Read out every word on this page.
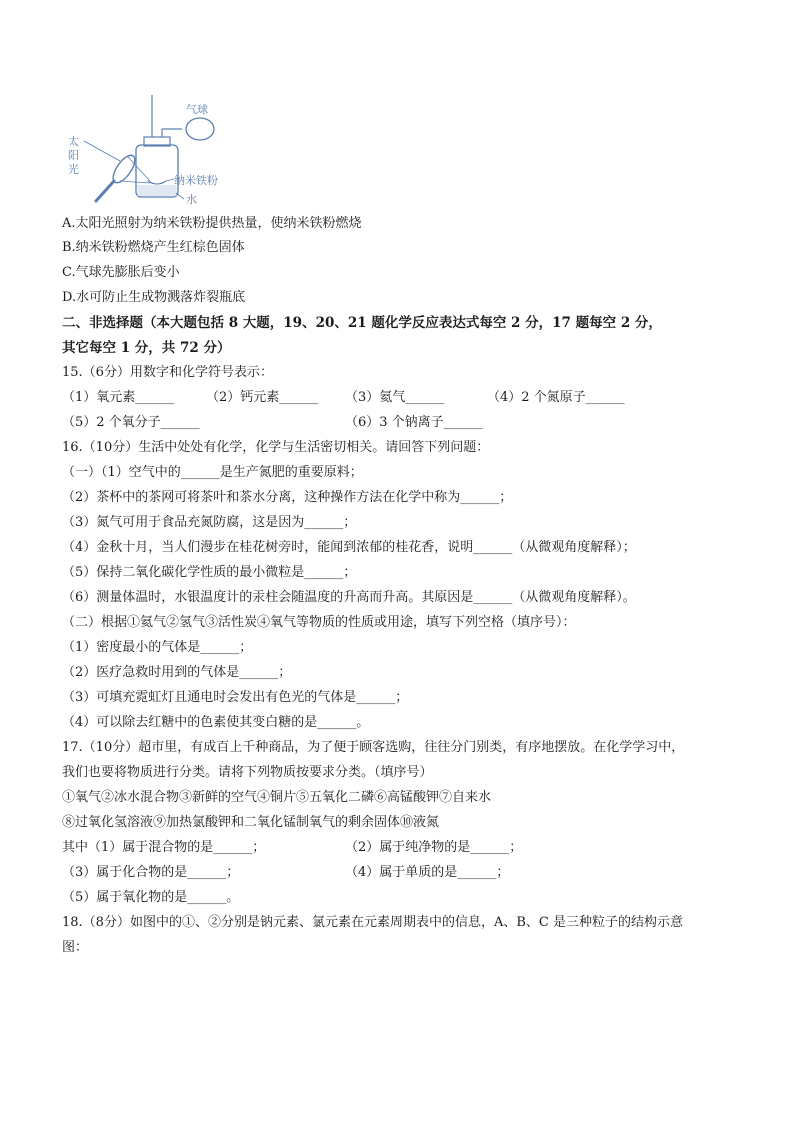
太
阳
光
气球
纳米铁粉
水
A.太阳光照射为纳米铁粉提供热量，使纳米铁粉燃烧
B.纳米铁粉燃烧产生红棕色固体
C.气球先膨胀后变小
D.水可防止生成物溅落炸裂瓶底
二、非选择题（本大题包括 8 大题，19、20、21 题化学反应表达式每空 2 分，17 题每空 2 分，
其它每空 1 分，共 72 分）
15.（6分）用数字和化学符号表示：
（1）氧元素______ （2）钙元素______ （3）氦气______	（4）2 个氮原子______
（5）2 个氧分子______	（6）3 个钠离子______
16.（10分）生活中处处有化学，化学与生活密切相关。请回答下列问题：
（一）（1）空气中的______是生产氮肥的重要原料；
（2）茶杯中的茶网可将茶叶和茶水分离，这种操作方法在化学中称为______；
（3）氮气可用于食品充氮防腐，这是因为______；
（4）金秋十月，当人们漫步在桂花树旁时，能闻到浓郁的桂花香，说明______（从微观角度解释）；
（5）保持二氧化碳化学性质的最小微粒是______；
（6）测量体温时，水银温度计的汞柱会随温度的升高而升高。其原因是______（从微观角度解释）。
（二）根据①氦气②氢气③活性炭④氧气等物质的性质或用途，填写下列空格（填序号）：
（1）密度最小的气体是______；
（2）医疗急救时用到的气体是______；
（3）可填充霓虹灯且通电时会发出有色光的气体是______；
（4）可以除去红糖中的色素使其变白糖的是______。
17.（10分）超市里，有成百上千种商品，为了便于顾客选购，往往分门别类，有序地摆放。在化学学习中，
我们也要将物质进行分类。请将下列物质按要求分类。（填序号）
①氧气②冰水混合物③新鲜的空气④铜片⑤五氧化二磷⑥高锰酸钾⑦自来水
⑧过氧化氢溶液⑨加热氯酸钾和二氧化锰制氧气的剩余固体⑩液氮
其中（1）属于混合物的是______；	（2）属于纯净物的是______；
（3）属于化合物的是______；	（4）属于单质的是______；
（5）属于氧化物的是______。
18.（8分）如图中的①、②分别是钠元素、氯元素在元素周期表中的信息，A、B、C 是三种粒子的结构示意
图：
